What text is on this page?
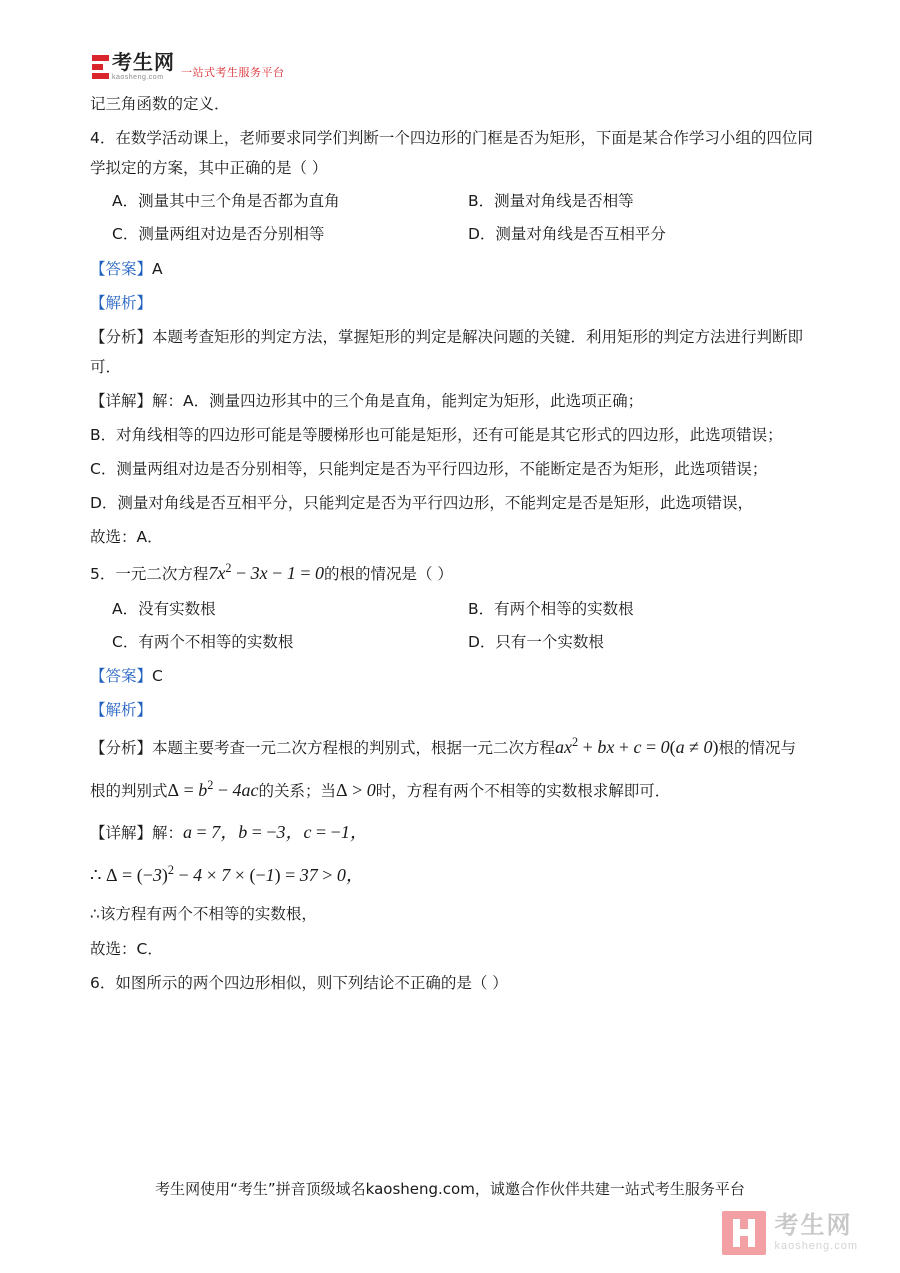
考生网
kaosheng.com	一站式考生服务平台

记三角函数的定义．

4．在数学活动课上，老师要求同学们判断一个四边形的门框是否为矩形，下面是某合作学习小组的四位同

学拟定的方案，其中正确的是（ ）

A．测量其中三个角是否都为直角	B．测量对角线是否相等
C．测量两组对边是否分别相等	D．测量对角线是否互相平分

【答案】A

【解析】

【分析】本题考查矩形的判定方法，掌握矩形的判定是解决问题的关键．利用矩形的判定方法进行判断即

可．

【详解】解：A．测量四边形其中的三个角是直角，能判定为矩形，此选项正确；

B．对角线相等的四边形可能是等腰梯形也可能是矩形，还有可能是其它形式的四边形，此选项错误；

C．测量两组对边是否分别相等，只能判定是否为平行四边形，不能断定是否为矩形，此选项错误；

D．测量对角线是否互相平分，只能判定是否为平行四边形，不能判定是否是矩形，此选项错误，

故选：A．

5．一元二次方程$7x^2 - 3x - 1 = 0$的根的情况是（ ）

A．没有实数根	B．有两个相等的实数根
C．有两个不相等的实数根	D．只有一个实数根

【答案】C

【解析】

【分析】本题主要考查一元二次方程根的判别式，根据一元二次方程$ax^2$ + bx + c = 0(a ≠ 0)根的情况与

根的判别式$\Delta = b^2 - 4ac$的关系；当Δ > 0时，方程有两个不相等的实数根求解即可．

【详解】解：a = 7，b = −3，c = −1，

∴ $\Delta = (-3)^2 - 4 \times 7 \times (-1) = 37 > 0$，

∴该方程有两个不相等的实数根，

故选：C．

6．如图所示的两个四边形相似，则下列结论不正确的是（ ）

考生网使用“考生”拼音顶级域名kaosheng.com，诚邀合作伙伴共建一站式考生服务平台
考生网
kaosheng.com
